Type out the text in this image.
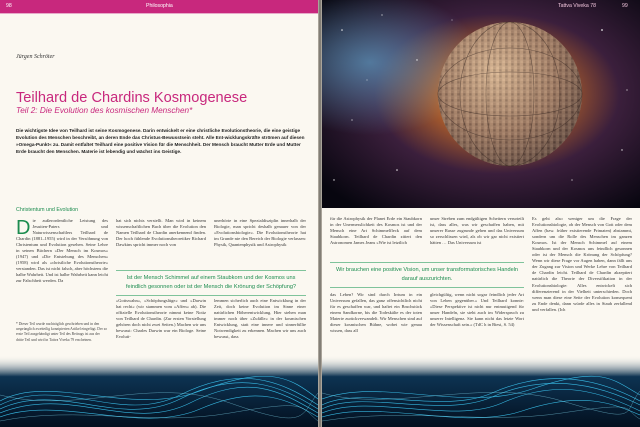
98	Philosophia
Jürgen Schröter
Teilhard de Chardins Kosmogenese
Teil 2: Die Evolution des kosmischen Menschen*

Die wichtigste Idee von Teilhard ist seine Kosmogenese. Darin entwickelt er eine christliche Evolutionstheorie, die eine geistige Evolution des Menschen beschreibt, an deren Ende das Christus-Bewusstsein steht. Alle Ent-wicklungskräfte strömen auf diesen »Omega-Punkt« zu. Damit entfaltet Teilhard eine positive Vision für die Menschheit. Der Mensch braucht Mutter Erde und Mutter Erde braucht den Menschen. Materie ist lebendig und wächst ins Geistige.

Christentum und Evolution

Die außerordentliche Leistung des Jesuiten-Paters und Naturwissenschaftlers Teilhard de Chardin (1881–1955) wird in der Versöhnung von Christentum und Evolution gesehen. Seine Lehre in seinen Büchern »Der Mensch im Kosmos« (1947) und »Die Entstehung des Menschen« (1958) wird als »christliche Evolutionstheorie« verstanden. Das ist nicht falsch, aber höchstens die halbe Wahrheit. Und ist halbe Wahrheit kann leicht zur Falschheit werden. Da

* Dieser Teil wurde nachträglich geschrieben und in den ursprünglich zweiteilig konzipierten Artikel eingefügt. Der so erste Teil ausgehändigt unter Teil des Beitrags ist aus der dritte Teil und wird in Tattva Viveka 79 erscheinen.

hat sich nichts verstellt. Man wird in keinem wissenschaftlichen Buch über die Evolution den Namen Teilhard de Chardin anerkennend finden. Der hoch fühlende Evolutionstheoretiker Richard Dawkins spricht immer noch von

unerhörte in eine Spezialdisziplin innerhalb der Biologie, man spricht deshalb genauer von der »Evolutionsbiologie«. Die Evolutionstheorie hat im Grunde nie den Bereich der Biologie verlassen: Physik, Quantenphysik und Astrophysik

Ist der Mensch Schimmel auf einem Staubkorn und der Kosmos uns feindlich gesonnen oder ist der Mensch die Krönung der Schöpfung?

»Gottswahn«, »Schöpfungslüge« und »Darwin hat recht« (wir stammen vom »Affen« ab). Die offizielle Evolutionstheorie nimmt keine Notiz von Teilhard de Chardin. (Zur ersten Vorstellung gehören doch nicht zwei Seiten.) Machen wir uns bewusst: Charles Darwin war ein Biologe. Seine Evoluti-

lemmen sicherlich auch eine Entwicklung in der Zeit, doch keine Evolution im Sinne einer natürlichen Höherentwicklung. Hier stehen man immer noch über »Zufälle« in der kosmischen Entwicklung, statt eine innere und sinnerfüllte Notwendigkeit zu erkennen. Machen wir uns auch bewusst, dass

Tattva Viveka 78	99

für die Astrophysik der Planet Erde ein Staubkorn in der Unermesslichkeit des Kosmos ist und der Mensch eine Art Schimmelfleck auf dem Staubkorn. Teilhard de Chardin zitiert den Astronomen James Jeans »Wie ist letztlich

unser Streben zum endgültigen Scheitern verurteilt ist, dass alles, was wir geschaffen haben, mit unserer Rasse zugrunde gehen und das Universum so zerschlissen wird, als ob wir gar nicht existiert hätten … Das Universum ist

Wir brauchen eine positive Vision, um unser transformatorisches Handeln darauf auszurichten.

das Leben? Wir sind durch Irrtum in ein Universum gefallen, das ganz offensichtlich nicht für es geschaffen war, und haftet ein Bruchstück einem Sandkorne, bis die Todeskälte es der toten Materie zurückverwandelt. Wir Menschen sind auf dieser kosmischen Bühne, wobei wie genau wissen, dass all

gleichgültig, wenn nicht sogar feindlich jeder Art von Leben gegenüber.« Und Teilhard konnte: »Diese Perspektive ist nicht nur entmutigend für unser Handeln, sie steht auch im Widerspruch zu unserer Intelligenz. Sie kann nicht das letzte Wort der Wissenschaft sein.« (TdC h in Biesi, S. 54)

Es geht also weniger um die Frage der Evolutionsbiologie, ob der Mensch von Gott oder dem Affen (bzw. früher existierende Primaten) abstammt, sondern um die Rolle des Menschen im ganzen Kosmos. Ist der Mensch Schimmel auf einem Staubkorn und der Kosmos uns feindlich gesonnen oder ist der Mensch die Krönung der Schöpfung? Wenn wir diese Frage vor Augen haben, dann fällt uns der Zugang zur Vision und Werke Lehre von Teilhard de Chardin leicht. Teilhard de Chardin akzeptiert natürlich die Theorie der Diversifikation in der Evolutionsbiologie: Alles entwickelt sich differenzierend in der Vielheit unterschieden. Doch wenn man diese eine Seite der Evolution konsequent zu Ende denkt, dann würde alles in Staub zerfallend und verfallen. (Ich
